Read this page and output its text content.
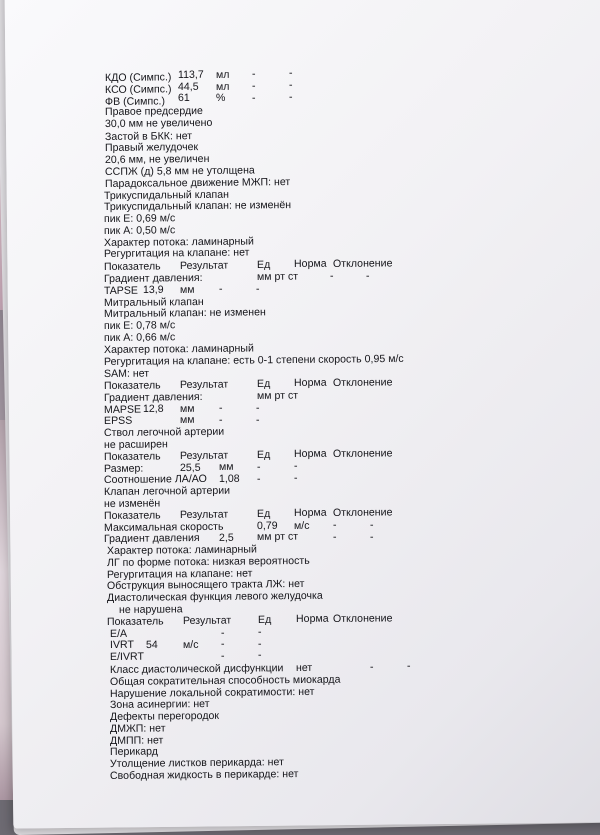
КДО (Симпс.) 113,7 мл -	-
КСО (Симпс.) 44,5 мл -	-
ФВ (Симпс.) 61 % -	-
Правое предсердие
30,0 мм не увеличено
Застой в БКК: нет
Правый желудочек
20,6 мм, не увеличен
ССПЖ (д) 5,8 мм не утолщена
Парадоксальное движение МЖП: нет
Трикуспидальный клапан
Трикуспидальный клапан: не изменён
пик Е: 0,69 м/с
пик А: 0,50 м/с
Характер потока: ламинарный
Регургитация на клапане: нет
Показатель Результат	Ед Норма Отклонение
Градиент давления:	мм рт ст	-	-
TAPSE 13,9 мм -	-
Митральный клапан
Митральный клапан: не изменен
пик Е: 0,78 м/с
пик А: 0,66 м/с
Характер потока: ламинарный
Регургитация на клапане: есть 0-1 степени скорость 0,95 м/с
SAM: нет
Показатель Результат	Ед Норма Отклонение
Градиент давления:	мм рт ст
MAPSE 12,8 мм -	-
EPSS	мм -	-
Ствол легочной артерии
не расширен
Показатель Результат	Ед Норма Отклонение
Размер:	25,5 мм -	-
Соотношение ЛА/АО 1,08 -	-
Клапан легочной артерии
не изменён
Показатель Результат	Ед Норма Отклонение
Максимальная скорость	0,79 м/с -	-
Градиент давления 2,5 мм рт ст	-	-
Характер потока: ламинарный
ЛГ по форме потока: низкая вероятность
Регургитация на клапане: нет
Обструкция выносящего тракта ЛЖ: нет
Диастолическая функция левого желудочка
не нарушена
Показатель Результат	Ед Норма Отклонение
E/A	-	-
IVRT 54 м/с -	-
E/IVRT	-	-
Класс диастолической дисфункции нет	-	-
Общая сократительная способность миокарда
Нарушение локальной сократимости: нет
Зона асинергии: нет
Дефекты перегородок
ДМЖП: нет
ДМПП: нет
Перикард
Утолщение листков перикарда: нет
Свободная жидкость в перикарде: нет
